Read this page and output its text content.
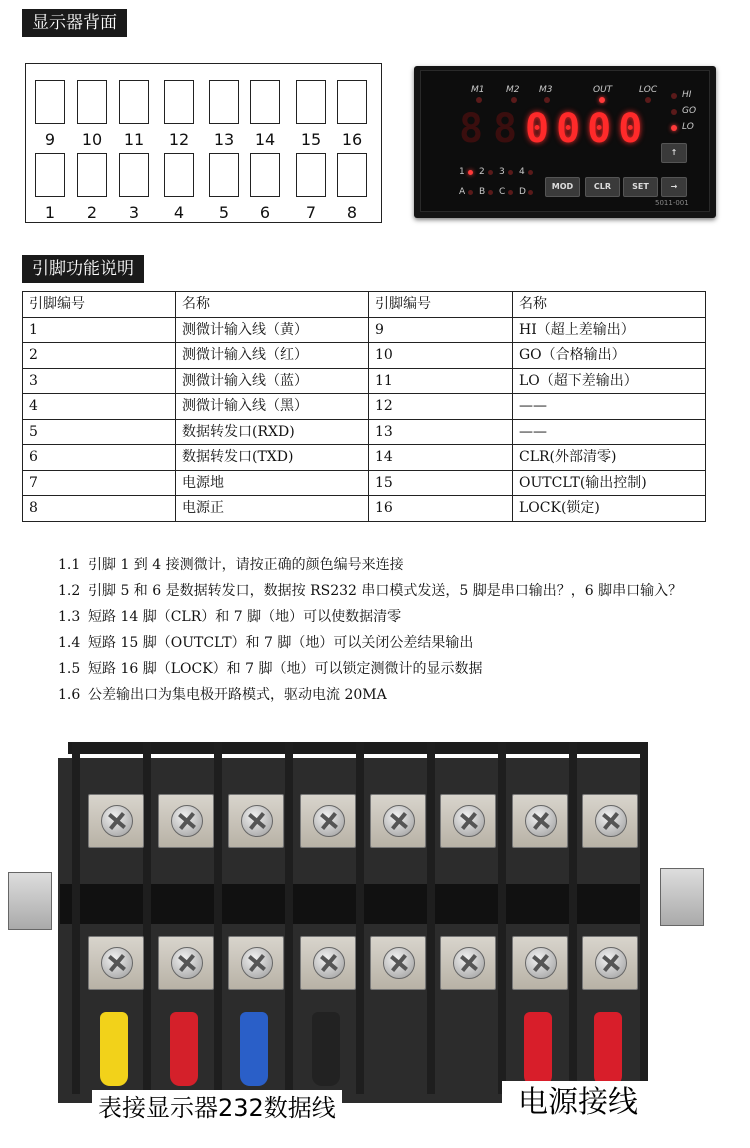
显示器背面
9	10	11	12	13	14	15	16
1	2	3	4	5	6	7	8
M1 M2 M3	OUT	LOC	HI
GO
LO
8 8 0000
↑
1 2 3 4
A B C D
MOD	CLR	SET	→
5011-001
引脚功能说明
引脚编号	名称	引脚编号	名称
1	测微计输入线（黄）	9	HI（超上差输出）
2	测微计输入线（红）	10	GO（合格输出）
3	测微计输入线（蓝）	11	LO（超下差输出）
4	测微计输入线（黑）	12	——
5	数据转发口(RXD)	13	——
6	数据转发口(TXD)	14	CLR(外部清零)
7	电源地	15	OUTCLT(输出控制)
8	电源正	16	LOCK(锁定)
1.1 引脚 1 到 4 接测微计，请按正确的颜色编号来连接
1.2 引脚 5 和 6 是数据转发口，数据按 RS232 串口模式发送，5 脚是串口输出？，6 脚串口输入？
1.3 短路 14 脚（CLR）和 7 脚（地）可以使数据清零
1.4 短路 15 脚（OUTCLT）和 7 脚（地）可以关闭公差结果输出
1.5 短路 16 脚（LOCK）和 7 脚（地）可以锁定测微计的显示数据
1.6 公差输出口为集电极开路模式，驱动电流 20MA
表接显示器232数据线	电源接线
